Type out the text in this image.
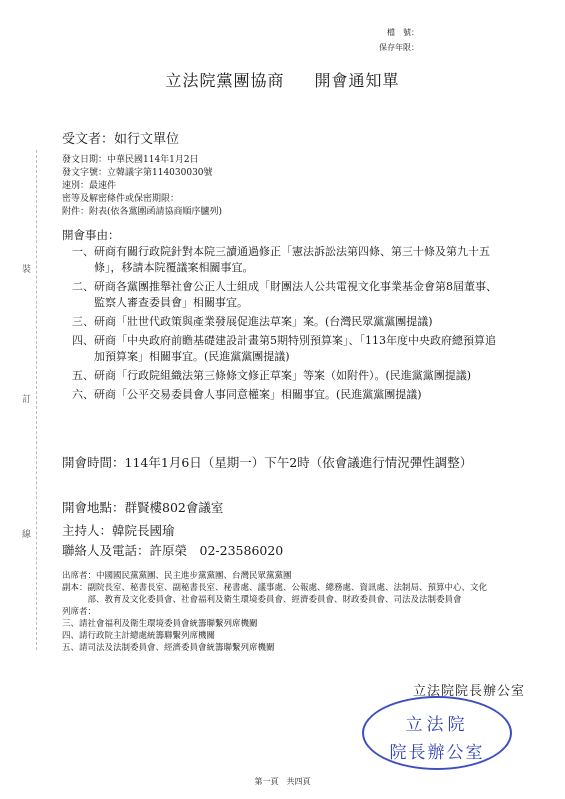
裝
訂
線
檔　號：
保存年限：
立法院黨團協商 開會通知單
受文者：如行文單位
發文日期：中華民國114年1月2日
發文字號：立韓議字第114030030號
速別：最速件
密等及解密條件或保密期限：
附件：附表(依各黨團函請協商順序臚列)
開會事由：
一、 研商有關行政院針對本院三讀通過修正「憲法訴訟法第四條、第三十條及第九十五條」，移請本院覆議案相關事宜。
二、 研商各黨團推舉社會公正人士組成「財團法人公共電視文化事業基金會第8屆董事、監察人審查委員會」相關事宜。
三、 研商「壯世代政策與產業發展促進法草案」案。(台灣民眾黨黨團提議)
四、 研商「中央政府前瞻基礎建設計畫第5期特別預算案」、「113年度中央政府總預算追加預算案」相關事宜。(民進黨黨團提議)
五、 研商「行政院組織法第三條條文修正草案」等案（如附件）。(民進黨黨團提議)
六、 研商「公平交易委員會人事同意權案」相關事宜。(民進黨黨團提議)
開會時間： 114年1月6日（星期一）下午2時（依會議進行情況彈性調整）
開會地點：群賢樓802會議室
主持人：韓院長國瑜
聯絡人及電話：許原榮　02-23586020
出席者： 中國國民黨黨團、民主進步黨黨團、台灣民眾黨黨團
副本： 副院長室、秘書長室、副秘書長室、秘書處、議事處、公報處、總務處、資訊處、法制局、預算中心、文化部、教育及文化委員會、社會福利及衛生環境委員會、經濟委員會、財政委員會、司法及法制委員會
列席者：
三、請社會福利及衛生環境委員會統籌聯繫列席機關
四、請行政院主計總處統籌聯繫列席機關
五、請司法及法制委員會、經濟委員會統籌聯繫列席機關
立法院院長辦公室
立法院
院長辦公室
第一頁　共四頁
